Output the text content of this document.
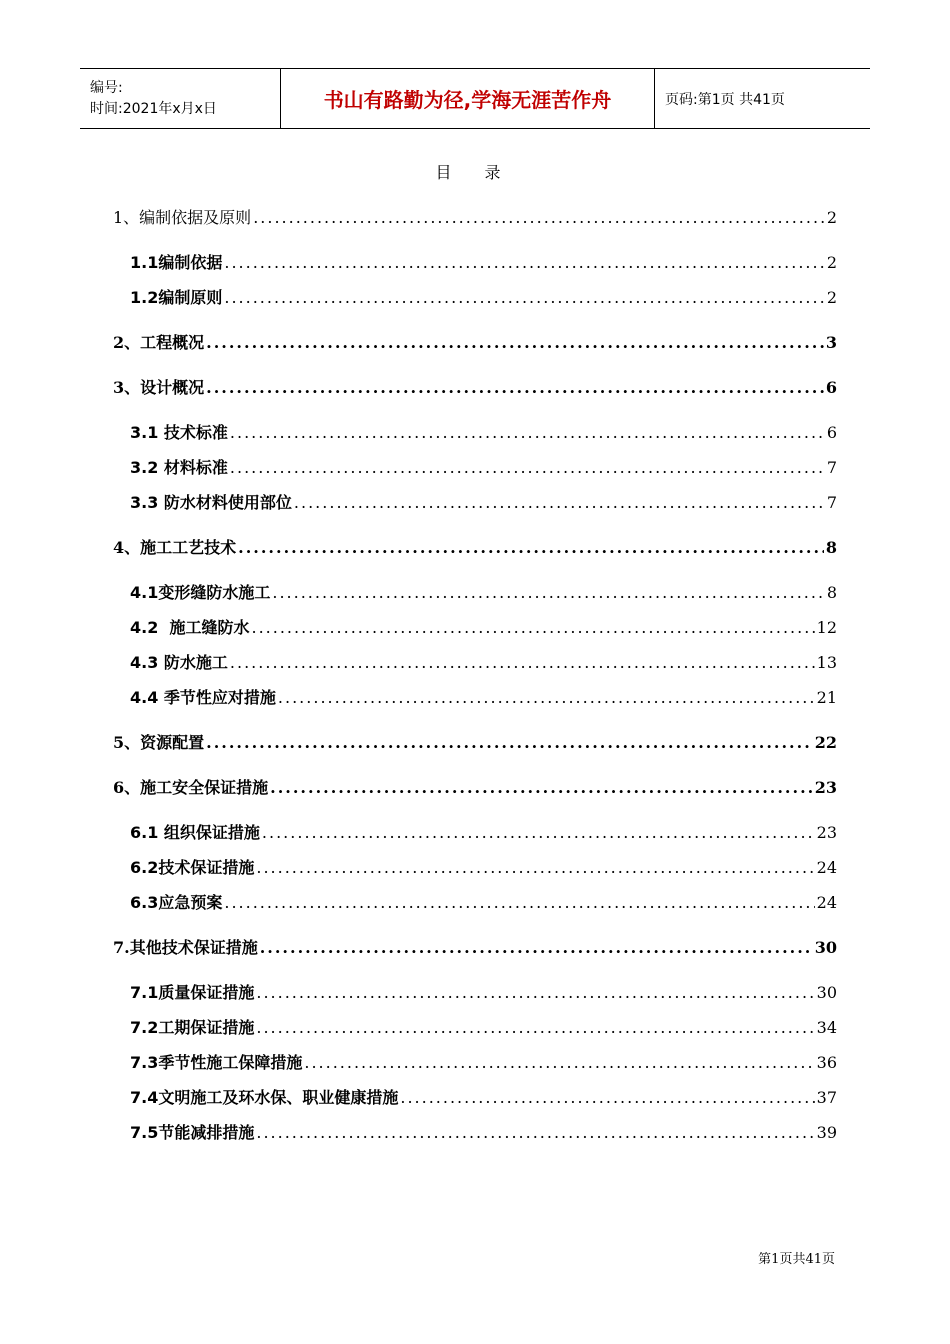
编号:
时间:2021年x月x日	书山有路勤为径,学海无涯苦作舟	页码:第1页 共41页
目 录
1、编制依据及原则 .....	2
1.1编制依据 .....	2
1.2编制原则 .....	2
2、工程概况 .....	3
3、设计概况 .....	6
3.1 技术标准 .....	6
3.2 材料标准 .....	7
3.3 防水材料使用部位 .....	7
4、施工工艺技术 .....	8
4.1变形缝防水施工 .....	8
4.2  施工缝防水 .....	12
4.3 防水施工 .....	13
4.4 季节性应对措施 .....	21
5、资源配置 .....	22
6、施工安全保证措施 .....	23
6.1 组织保证措施 .....	23
6.2技术保证措施 .....	24
6.3应急预案 .....	24
7.其他技术保证措施 .....	30
7.1质量保证措施 .....	30
7.2工期保证措施 .....	34
7.3季节性施工保障措施 .....	36
7.4文明施工及环水保、职业健康措施 .....	37
7.5节能减排措施 .....	39
第1页共41页
